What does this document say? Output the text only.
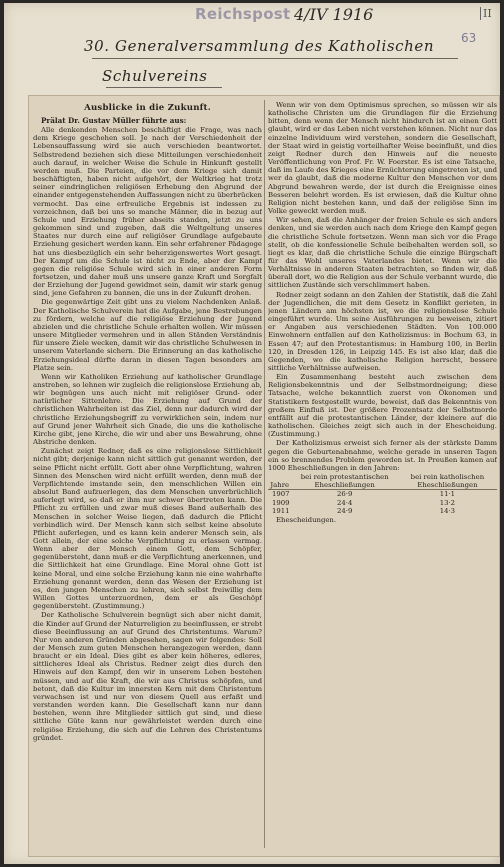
Reichspost 4/IV 1916	II
63
30. Generalversammlung des Katholischen
Schulvereins
Ausblicke in die Zukunft.

Prälat Dr. Gustav Müller führte aus:

Alle denkenden Menschen beschäftigt die Frage, was nach dem Kriege geschehen soll. Je nach der Verschiedenheit der Lebensauffassung wird sie auch verschieden beantwortet. Selbstredend beziehen sich diese Mitteilungen verschiedenheit auch darauf, in welcher Weise die Schule in Hinkunft gestellt werden muß. Die Parteien, die vor dem Kriege sich damit beschäftigten, haben nicht aufgehört, der Weltkrieg hat trotz seiner eindringlichen religiösen Erhebung den Abgrund der einander entgegenstehenden Auffassungen nicht zu überbrücken vermocht. Das eine erfreuliche Ergebnis ist indessen zu verzeichnen, daß bei uns so manche Männer, die in bezug auf Schule und Erziehung früher abseits standen, jetzt zu uns gekommen sind und zugeben, daß die Weltgeltung unseres Staates nur durch eine auf religiöser Grundlage aufgebaute Erziehung gesichert werden kann. Ein sehr erfahrener Pädagoge hat uns diesbezüglich ein sehr beherzigenswertes Wort gesagt. Der Kampf um die Schule ist nicht zu Ende, aber der Kampf gegen die religiöse Schule wird sich in einer anderen Form fortsetzen, und daher muß uns unsere ganze Kraft und Sorgfalt der Erziehung der Jugend gewidmet sein, damit wir stark genug sind, jene Gefahren zu bannen, die uns in der Zukunft drohen.

Die gegenwärtige Zeit gibt uns zu vielem Nachdenken Anlaß. Der Katholische Schulverein hat die Aufgabe, jene Bestrebungen zu fördern, welche auf die religiöse Erziehung der Jugend abzielen und die christliche Schule erhalten wollen. Wir müssen unsere Mitglieder vermehren und in allen Ständen Verständnis für unsere Ziele wecken, damit wir das christliche Schulwesen in unserem Vaterlande sichern. Die Erinnerung an das katholische Erziehungsideal dürfte daran in diesen Tagen besonders am Platze sein.

Wenn wir Katholiken Erziehung auf katholischer Grundlage anstreben, so lehnen wir zugleich die religionslose Erziehung ab, wir begnügen uns auch nicht mit religiöser Grund- oder natürlicher Sittenlehre. Die Erziehung auf Grund der christlichen Wahrheiten ist das Ziel, denn nur dadurch wird der christliche Erziehungsbegriff zu verwirklichen sein, indem nur auf Grund jener Wahrheit sich Gnade, die uns die katholische Kirche gibt, jene Kirche, die wir und aber uns Bewahrung, ohne Abstriche denken.

Zunächst zeigt Redner, daß es eine religionslose Sittlichkeit nicht gibt; derjenige kann nicht sittlich gut genannt werden, der seine Pflicht nicht erfüllt. Gott aber ohne Verpflichtung, wahren Sinnen des Menschen wird nicht erfüllt werden, denn muß der Verpflichtende imstande sein, den menschlichen Willen ein absolut Band aufzuerlegen, das dem Menschen unverbrüchlich auferlegt wird, so daß er ihm nur schwer übertreten kann. Die Pflicht zu erfüllen und zwar muß dieses Band außerhalb des Menschen in solcher Weise liegen, daß dadurch die Pflicht verbindlich wird. Der Mensch kann sich selbst keine absolute Pflicht auferlegen, und es kann kein anderer Mensch sein, als Gott allein, der eine solche Verpflichtung zu erlassen vermag. Wenn aber der Mensch einem Gott, dem Schöpfer, gegenübersteht, dann muß er die Verpflichtung anerkennen, und die Sittlichkeit hat eine Grundlage. Eine Moral ohne Gott ist keine Moral, und eine solche Erziehung kann nie eine wahrhafte Erziehung genannt werden, denn das Wesen der Erziehung ist es, den jungen Menschen zu lehren, sich selbst freiwillig dem Willen Gottes unterzuordnen, dem er als Geschöpf gegenübersteht. (Zustimmung.)

Der Katholische Schulverein begnügt sich aber nicht damit, die Kinder auf Grund der Naturreligion zu beeinflussen, er strebt diese Beeinflussung an auf Grund des Christentums. Warum? Nur von anderen Gründen abgesehen, sagen wir folgendes: Soll der Mensch zum guten Menschen herangezogen werden, dann braucht er ein Ideal. Dies gibt es aber kein höheres, edleres, sittlicheres Ideal als Christus. Redner zeigt dies durch den Hinweis auf den Kampf, den wir in unserem Leben bestehen müssen, und auf die Kraft, die wir aus Christus schöpfen, und betont, daß die Kultur im innersten Kern mit dem Christentum verwachsen ist und nur von diesem Quell aus erfaßt und verstanden werden kann. Die Gesellschaft kann nur dann bestehen, wenn ihre Mitglieder sittlich gut sind, und diese sittliche Güte kann nur gewährleistet werden durch eine religiöse Erziehung, die sich auf die Lehren des Christentums gründet.

Wenn wir von dem Optimismus sprechen, so müssen wir als katholische Christen um die Grundlagen für die Erziehung bitten, denn wenn der Mensch nicht hindurch ist an einen Gott glaubt, wird er das Leben nicht verstehen können. Nicht nur das einzelne Individuum wird verstehen, sondern die Gesellschaft, der Staat wird in geistig vorteilhafter Weise beeinflußt, und dies zeigt Redner durch den Hinweis auf die neueste Veröffentlichung von Prof. Fr. W. Foerster. Es ist eine Tatsache, daß im Laufe des Krieges eine Ernüchterung eingetreten ist, und wer da glaubt, daß die moderne Kultur den Menschen vor dem Abgrund bewahren werde, der ist durch die Ereignisse eines Besseren belehrt worden. Es ist erwiesen, daß die Kultur ohne Religion nicht bestehen kann, und daß der religiöse Sinn im Volke geweckt werden muß.

Wir sehen, daß die Anhänger der freien Schule es sich anders denken, und sie werden auch nach dem Kriege den Kampf gegen die christliche Schule fortsetzen. Wenn man sich vor die Frage stellt, ob die konfessionelle Schule beibehalten werden soll, so liegt es klar, daß die christliche Schule die einzige Bürgschaft für das Wohl unseres Vaterlandes bietet. Wenn wir die Verhältnisse in anderen Staaten betrachten, so finden wir, daß überall dort, wo die Religion aus der Schule verbannt wurde, die sittlichen Zustände sich verschlimmert haben.

Redner zeigt sodann an den Zahlen der Statistik, daß die Zahl der Jugendlichen, die mit dem Gesetz in Konflikt gerieten, in jenen Ländern am höchsten ist, wo die religionslose Schule eingeführt wurde. Um seine Ausführungen zu beweisen, zitiert er Angaben aus verschiedenen Städten. Von 100.000 Einwohnern entfallen auf den Katholizismus: in Bochum 63, in Essen 47; auf den Protestantismus: in Hamburg 100, in Berlin 120, in Dresden 126, in Leipzig 145. Es ist also klar, daß die Gegenden, wo die katholische Religion herrscht, bessere sittliche Verhältnisse aufweisen.

Ein Zusammenhang besteht auch zwischen dem Religionsbekenntnis und der Selbstmordneigung; diese Tatsache, welche bekanntlich zuerst von Ökonomen und Statistikern festgestellt wurde, beweist, daß das Bekenntnis von großem Einfluß ist. Der größere Prozentsatz der Selbstmorde entfällt auf die protestantischen Länder, der kleinere auf die katholischen. Gleiches zeigt sich auch in der Ehescheidung. (Zustimmung.)

Der Katholizismus erweist sich ferner als der stärkste Damm gegen die Geburtenabnahme, welche gerade in unseren Tagen ein so brennendes Problem geworden ist. In Preußen kamen auf 1000 Eheschließungen in den Jahren:

Jahre	bei rein protestantischen Eheschließungen	bei rein katholischen Eheschließungen
1907	26·9	11·1
1909	24·4	13·2
1911	24·9	14·3

Ehescheidungen.
